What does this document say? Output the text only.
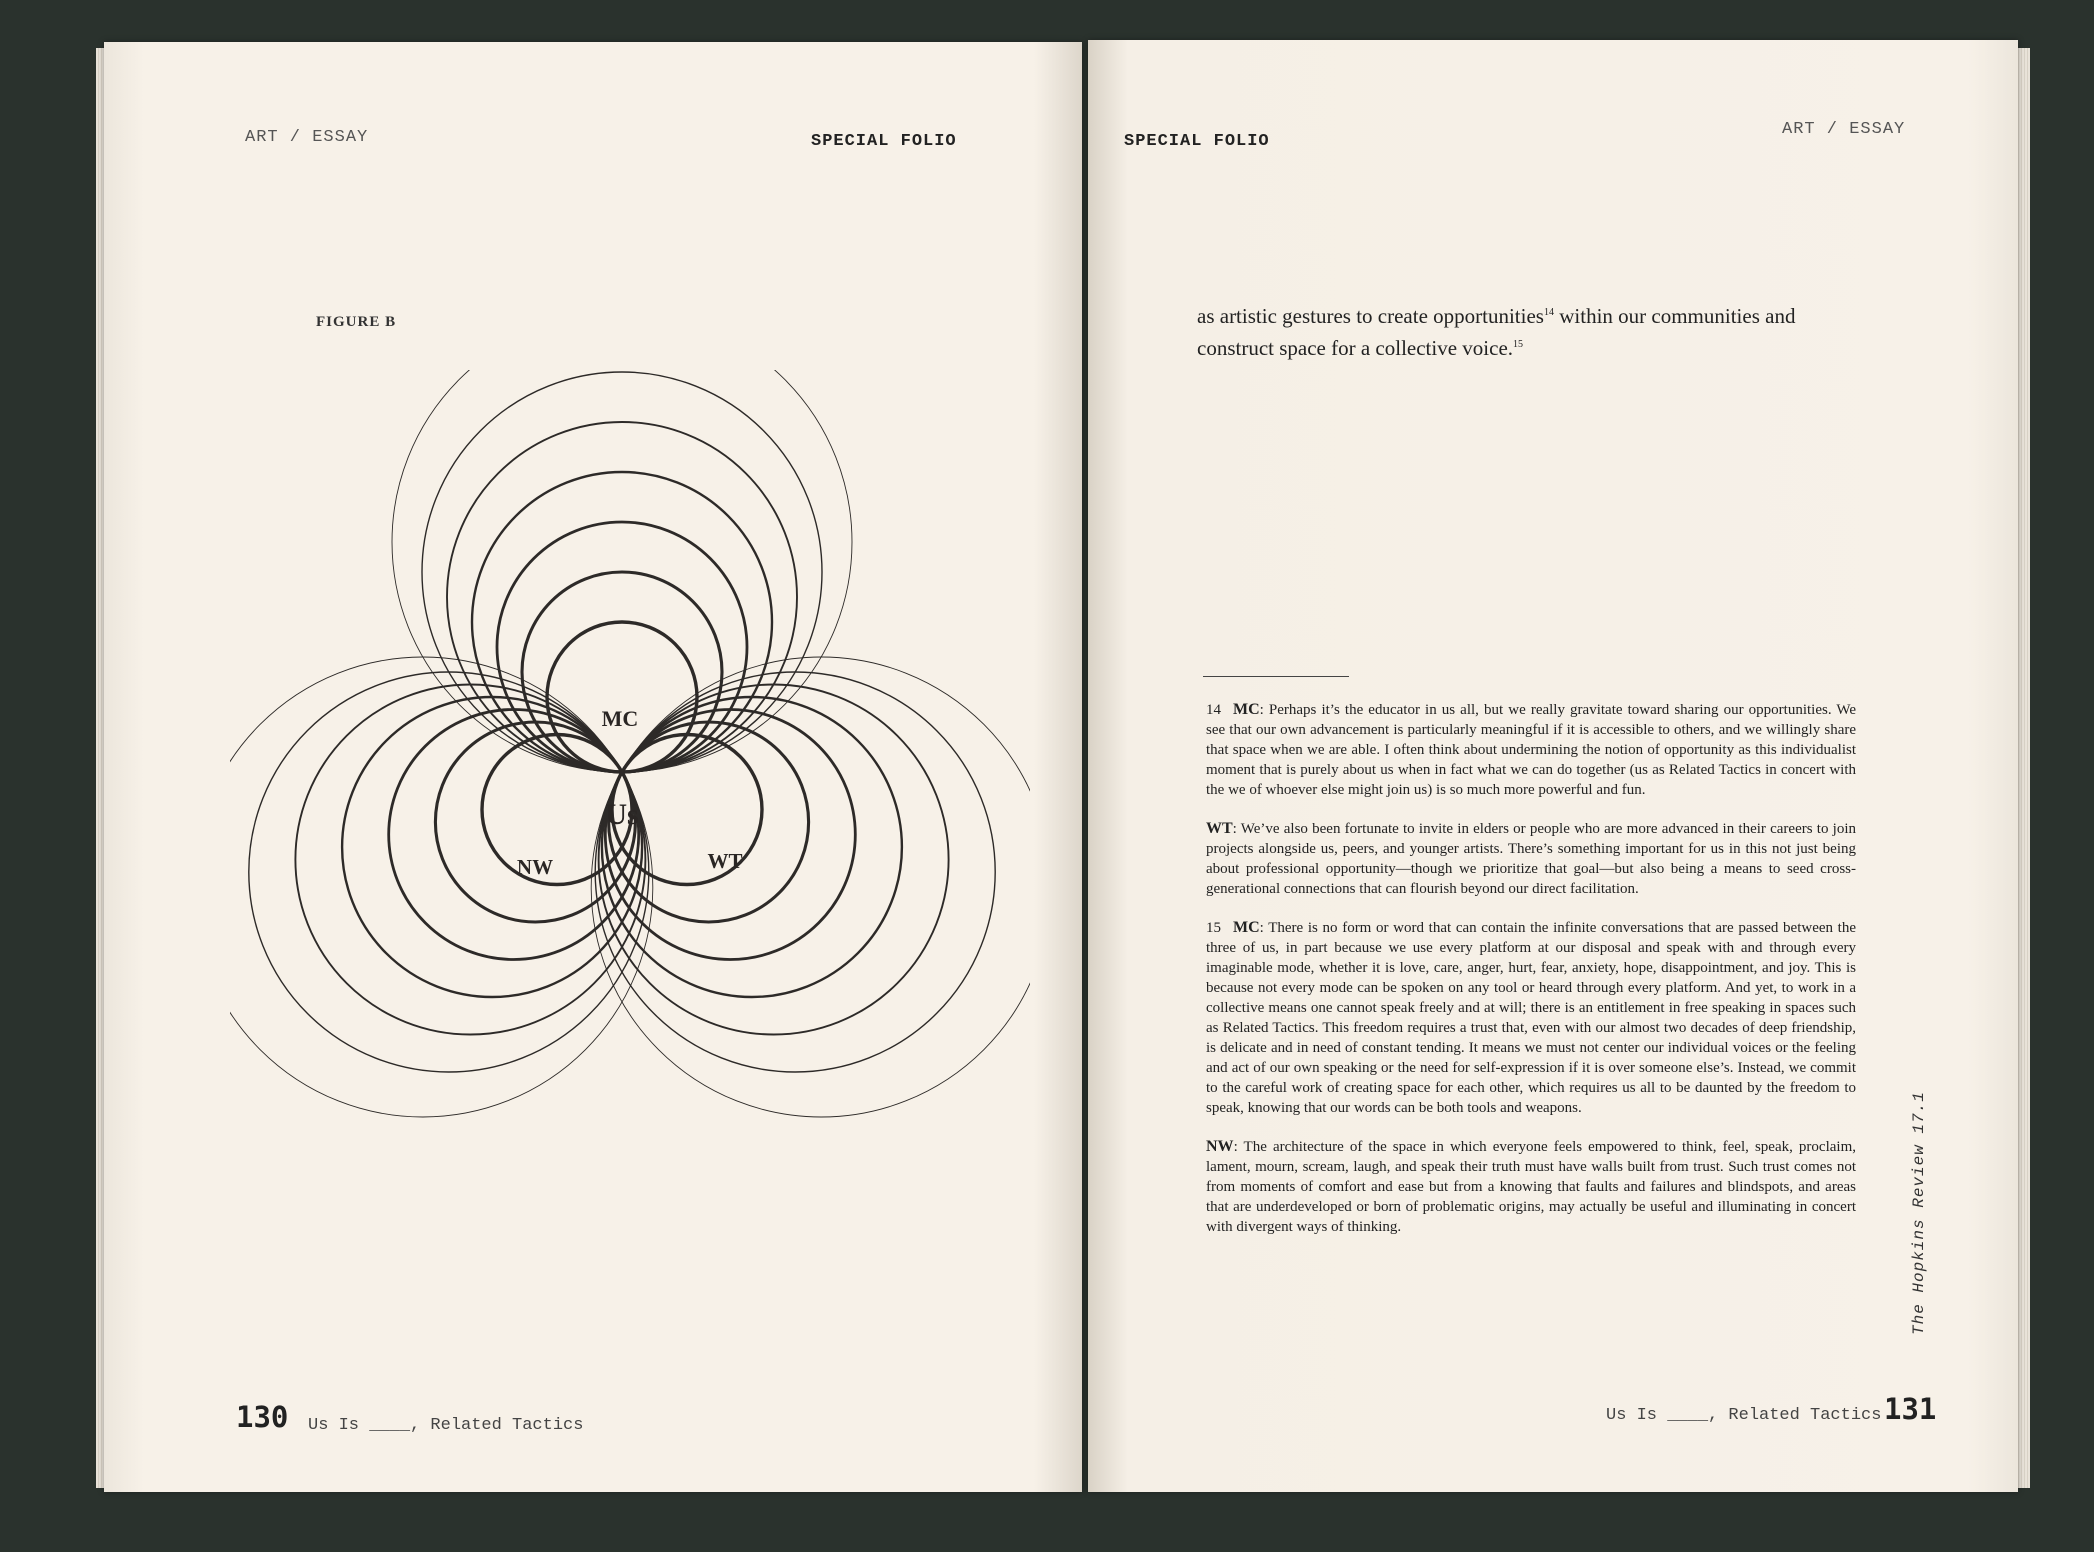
ART / ESSAY	SPECIAL FOLIO
FIGURE B
MC
Us
NW	WT
130 Us Is ____, Related Tactics
SPECIAL FOLIO
ART / ESSAY
as artistic gestures to create opportunities$^{14}$ within our communities and construct space for a collective voice.$^{15}$

14 MC: Perhaps it’s the educator in us all, but we really gravitate toward sharing our opportunities. We see that our own advancement is particularly meaningful if it is accessible to others, and we willingly share that space when we are able. I often think about undermining the notion of opportunity as this individualist moment that is purely about us when in fact what we can do together (us as Related Tactics in concert with the we of whoever else might join us) is so much more powerful and fun.

WT: We’ve also been fortunate to invite in elders or people who are more advanced in their careers to join projects alongside us, peers, and younger artists. There’s something important for us in this not just being about professional opportunity—though we prioritize that goal—but also being a means to seed cross-generational connections that can flourish beyond our direct facilitation.

15 MC: There is no form or word that can contain the infinite conversations that are passed between the three of us, in part because we use every platform at our disposal and speak with and through every imaginable mode, whether it is love, care, anger, hurt, fear, anxiety, hope, disappointment, and joy. This is because not every mode can be spoken on any tool or heard through every platform. And yet, to work in a collective means one cannot speak freely and at will; there is an entitlement in free speaking in spaces such as Related Tactics. This freedom requires a trust that, even with our almost two decades of deep friendship, is delicate and in need of constant tending. It means we must not center our individual voices or the feeling and act of our own speaking or the need for self-expression if it is over someone else’s. Instead, we commit to the careful work of creating space for each other, which requires us all to be daunted by the freedom to speak, knowing that our words can be both tools and weapons.

NW: The architecture of the space in which everyone feels empowered to think, feel, speak, proclaim, lament, mourn, scream, laugh, and speak their truth must have walls built from trust. Such trust comes not from moments of comfort and ease but from a knowing that faults and failures and blindspots, and areas that are underdeveloped or born of problematic origins, may actually be useful and illuminating in concert with divergent ways of thinking.	The Hopkins Review 17.1
Us Is ____, Related Tactics 131
